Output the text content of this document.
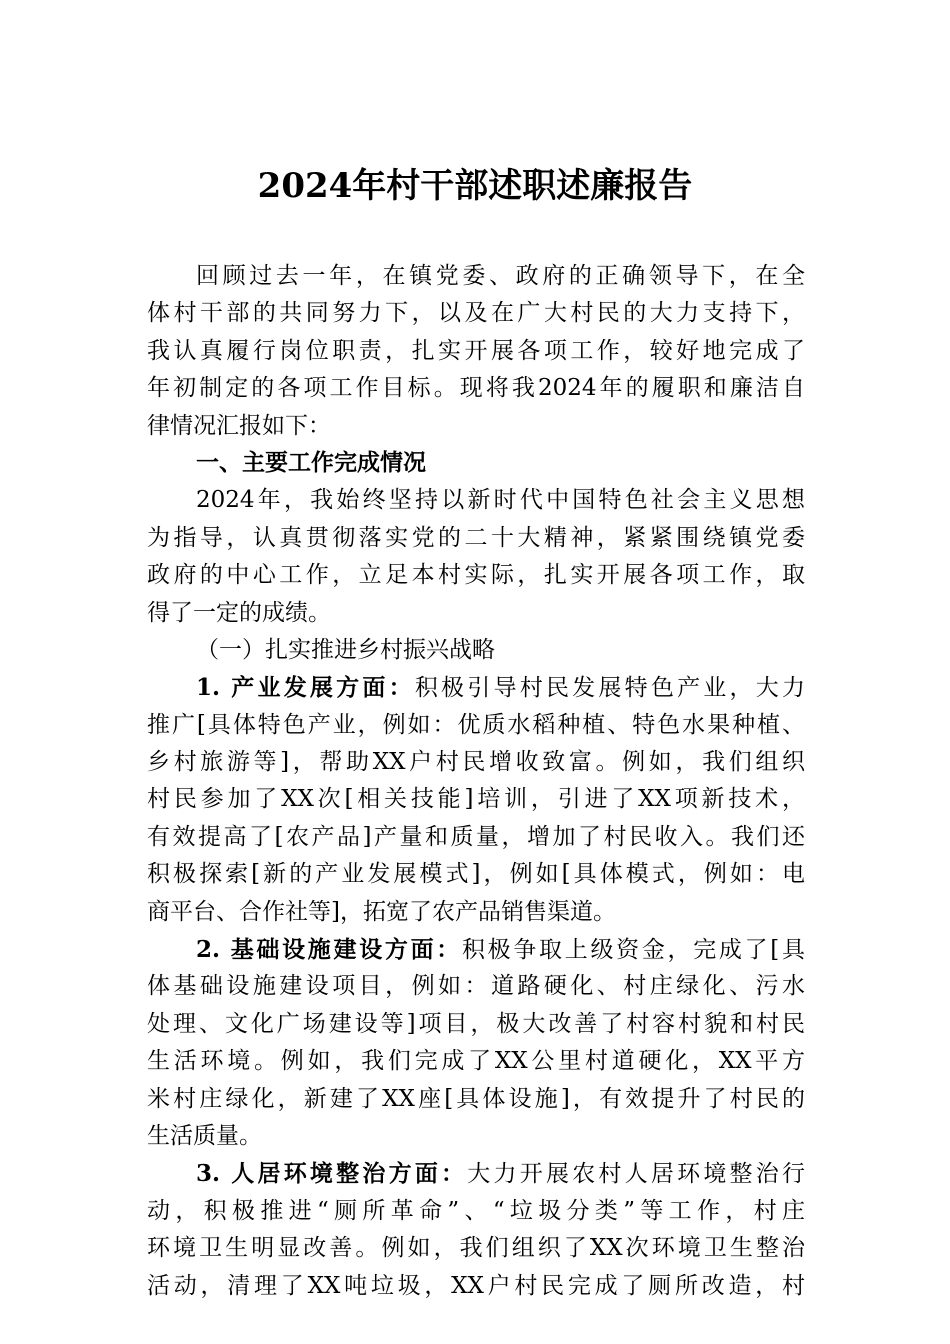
2024年村干部述职述廉报告
回顾过去一年，在镇党委、政府的正确领导下，在全
体村干部的共同努力下，以及在广大村民的大力支持下，
我认真履行岗位职责，扎实开展各项工作，较好地完成了
年初制定的各项工作目标。现将我2024年的履职和廉洁自
律情况汇报如下：
一、主要工作完成情况
2024年，我始终坚持以新时代中国特色社会主义思想
为指导，认真贯彻落实党的二十大精神，紧紧围绕镇党委
政府的中心工作，立足本村实际，扎实开展各项工作，取
得了一定的成绩。
（一）扎实推进乡村振兴战略
1. 产业发展方面：积极引导村民发展特色产业，大力
推广[具体特色产业，例如：优质水稻种植、特色水果种植、
乡村旅游等]，帮助XX户村民增收致富。例如，我们组织
村民参加了XX次[相关技能]培训，引进了XX项新技术，
有效提高了[农产品]产量和质量，增加了村民收入。我们还
积极探索[新的产业发展模式]，例如[具体模式，例如：电
商平台、合作社等]，拓宽了农产品销售渠道。
2. 基础设施建设方面：积极争取上级资金，完成了[具
体基础设施建设项目，例如：道路硬化、村庄绿化、污水
处理、文化广场建设等]项目，极大改善了村容村貌和村民
生活环境。例如，我们完成了XX公里村道硬化，XX平方
米村庄绿化，新建了XX座[具体设施]，有效提升了村民的
生活质量。
3. 人居环境整治方面：大力开展农村人居环境整治行
动，积极推进“厕所革命”、“垃圾分类”等工作，村庄
环境卫生明显改善。例如，我们组织了XX次环境卫生整治
活动，清理了XX吨垃圾，XX户村民完成了厕所改造，村
